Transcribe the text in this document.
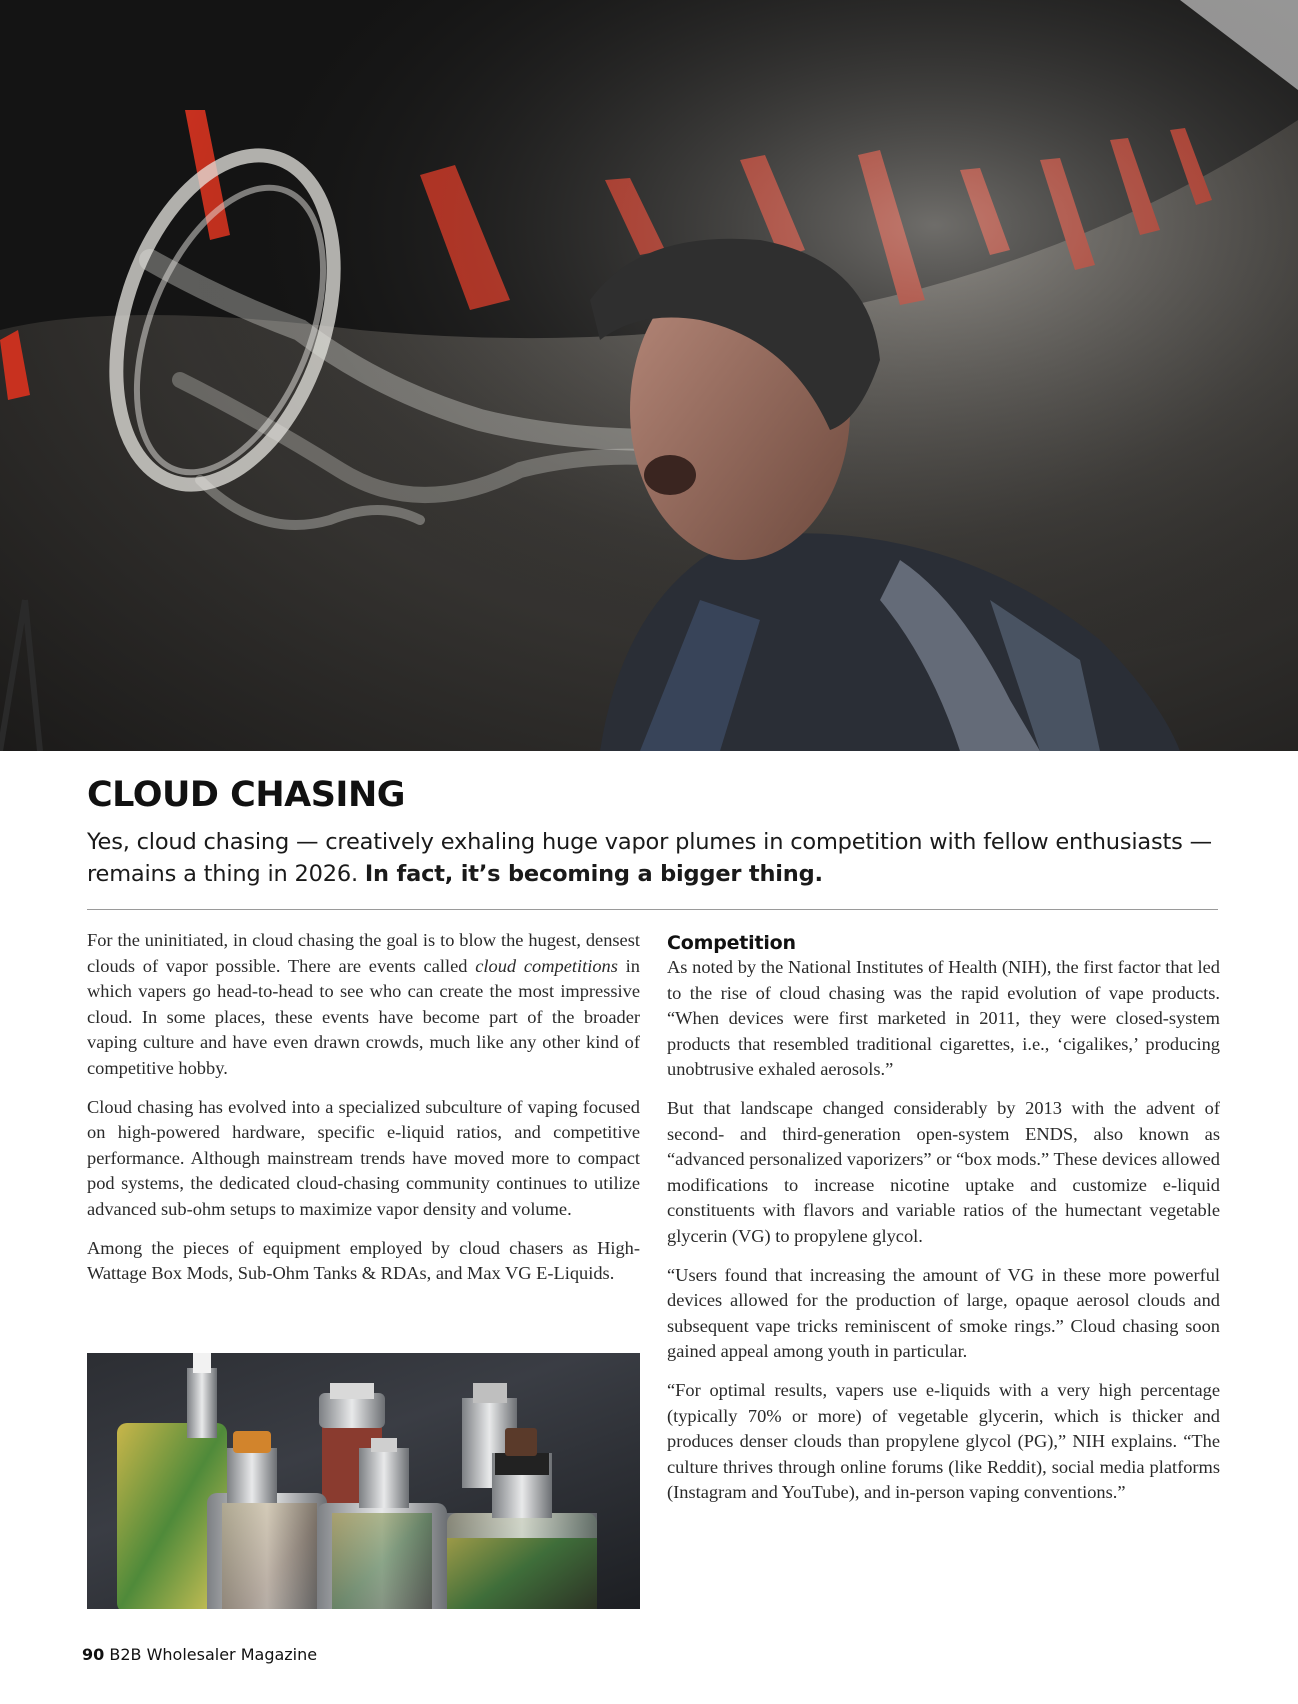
CLOUD CHASING

Yes, cloud chasing — creatively exhaling huge vapor plumes in competition with fellow enthusiasts — remains a thing in 2026. In fact, it’s becoming a bigger thing.

For the uninitiated, in cloud chasing the goal is to blow the hugest, densest clouds of vapor possible. There are events called cloud competitions in which vapers go head-to-head to see who can create the most impressive cloud. In some places, these events have become part of the broader vaping culture and have even drawn crowds, much like any other kind of competitive hobby.

Cloud chasing has evolved into a specialized subculture of vaping focused on high-powered hardware, specific e-liquid ratios, and competitive performance. Although mainstream trends have moved more to compact pod systems, the dedicated cloud-chasing community continues to utilize advanced sub-ohm setups to maximize vapor density and volume.

Among the pieces of equipment employed by cloud chasers as High-Wattage Box Mods, Sub-Ohm Tanks & RDAs, and Max VG E-Liquids.

Competition

As noted by the National Institutes of Health (NIH), the first factor that led to the rise of cloud chasing was the rapid evolution of vape products. “When devices were first marketed in 2011, they were closed-system products that resembled traditional cigarettes, i.e., ‘cigalikes,’ producing unobtrusive exhaled aerosols.”

But that landscape changed considerably by 2013 with the advent of second- and third-generation open-system ENDS, also known as “advanced personalized vaporizers” or “box mods.” These devices allowed modifications to increase nicotine uptake and customize e-liquid constituents with flavors and variable ratios of the humectant vegetable glycerin (VG) to propylene glycol.

“Users found that increasing the amount of VG in these more powerful devices allowed for the production of large, opaque aerosol clouds and subsequent vape tricks reminiscent of smoke rings.” Cloud chasing soon gained appeal among youth in particular.

“For optimal results, vapers use e-liquids with a very high percentage (typically 70% or more) of vegetable glycerin, which is thicker and produces denser clouds than propylene glycol (PG),” NIH explains. “The culture thrives through online forums (like Reddit), social media platforms (Instagram and YouTube), and in-person vaping conventions.”

90 B2B Wholesaler Magazine
